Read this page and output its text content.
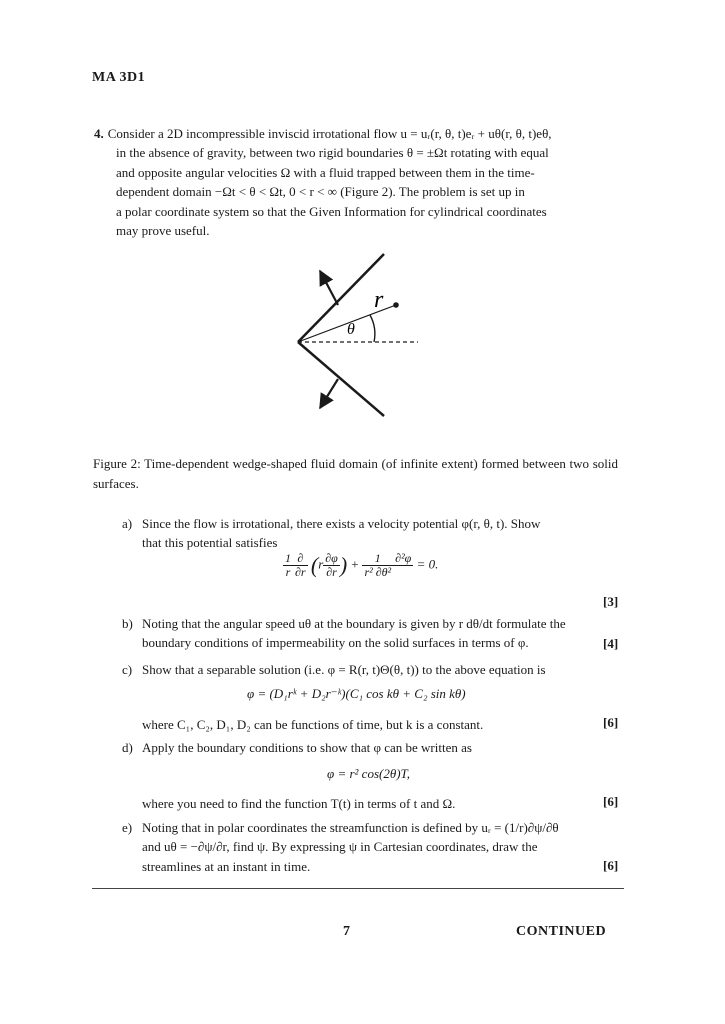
MA 3D1
4. Consider a 2D incompressible inviscid irrotational flow u = uᵣ(r, θ, t)eᵣ + uθ(r, θ, t)eθ,
in the absence of gravity, between two rigid boundaries θ = ±Ωt rotating with equal
and opposite angular velocities Ω with a fluid trapped between them in the time-
dependent domain −Ωt < θ < Ωt, 0 < r < ∞ (Figure 2). The problem is set up in
a polar coordinate system so that the Given Information for cylindrical coordinates
may prove useful.
r
θ
Figure 2: Time-dependent wedge-shaped fluid domain (of infinite extent) formed between two solid surfaces.
a) Since the flow is irrotational, there exists a velocity potential φ(r, θ, t). Show
that this potential satisfies
$\frac{1}{r} \frac{\partial}{\partial r} (r \frac{\partial\varphi}{\partial r}$ ) + $\frac{1}{\text{r² ∂θ²}} \partial^2\varphi = 0$.
[3]
b) Noting that the angular speed uθ at the boundary is given by r dθ/dt formulate the
boundary conditions of impermeability on the solid surfaces in terms of φ.	[4]
c) Show that a separable solution (i.e. φ = R(r, t)Θ(θ, t)) to the above equation is
φ = (D₁rᵏ + D₂r⁻ᵏ)(C₁ cos kθ + C₂ sin kθ)
where C₁, C₂, D₁, D₂ can be functions of time, but k is a constant.	[6]
d) Apply the boundary conditions to show that φ can be written as
φ = r² cos(2θ)T,
where you need to find the function T(t) in terms of t and Ω.	[6]
e) Noting that in polar coordinates the streamfunction is defined by uᵣ = (1/r)∂ψ/∂θ
and uθ = −∂ψ/∂r, find ψ. By expressing ψ in Cartesian coordinates, draw the
streamlines at an instant in time.	[6]
7	CONTINUED
